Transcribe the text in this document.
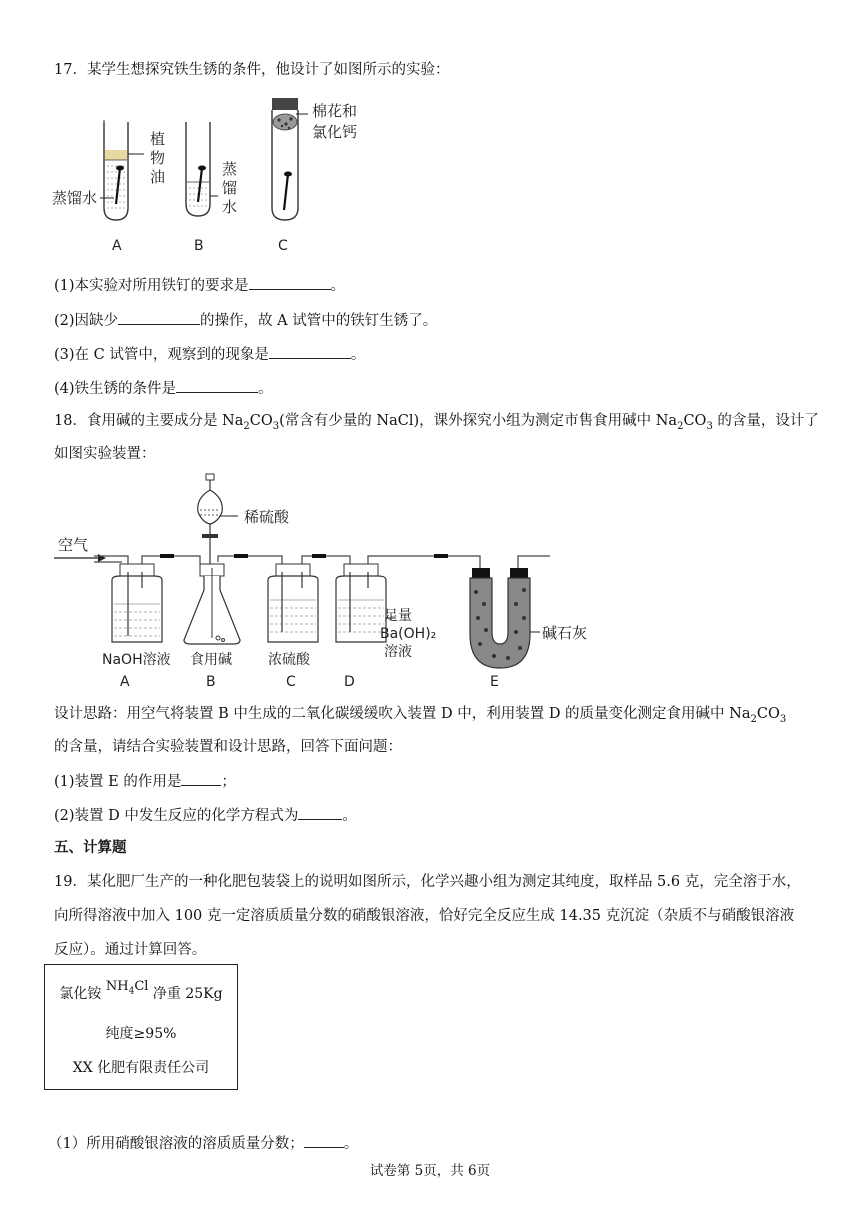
17．某学生想探究铁生锈的条件，他设计了如图所示的实验：
植
物
油
蒸馏水
A
蒸
馏
水
B
棉花和
氯化钙
C
(1)本实验对所用铁钉的要求是	。
(2)因缺少	的操作，故 A 试管中的铁钉生锈了。
(3)在 C 试管中，观察到的现象是	。
(4)铁生锈的条件是	。
18．食用碱的主要成分是 $Na_2CO_3$(常含有少量的 NaCl)，课外探究小组为测定市售食用碱中 $Na_2CO_3$ 的含量，设计了
如图实验装置：
空气
稀硫酸
NaOH溶液
A
食用碱
B
浓硫酸
C
足量
Ba(OH)₂
溶液
D
碱石灰
E
设计思路：用空气将装置 B 中生成的二氧化碳缓缓吹入装置 D 中，利用装置 D 的质量变化测定食用碱中 $Na_2CO_3$
的含量，请结合实验装置和设计思路，回答下面问题：
(1)装置 E 的作用是	；
(2)装置 D 中发生反应的化学方程式为	。
五、计算题
19．某化肥厂生产的一种化肥包装袋上的说明如图所示，化学兴趣小组为测定其纯度，取样品 5.6 克，完全溶于水，
向所得溶液中加入 100 克一定溶质质量分数的硝酸银溶液，恰好完全反应生成 14.35 克沉淀（杂质不与硝酸银溶液
反应）。通过计算回答。
氯化铵 $NH_4Cl$ 净重 25Kg
纯度≥95%
XX 化肥有限责任公司
（1）所用硝酸银溶液的溶质质量分数；	。
试卷第 5页，共 6页
